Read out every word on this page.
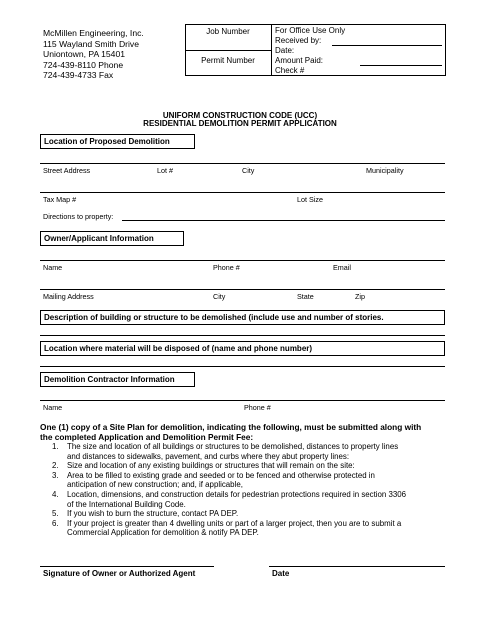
McMillen Engineering, Inc.
115 Wayland Smith Drive
Uniontown, PA 15401
724-439-8110 Phone
724-439-4733 Fax
Job Number
Permit Number
For Office Use Only
Received by:
Date:
Amount Paid:
Check #
UNIFORM CONSTRUCTION CODE (UCC)
RESIDENTIAL DEMOLITION PERMIT APPLICATION
Location of Proposed Demolition
Street Address	Lot #	City	Municipality
Tax Map #	Lot Size
Directions to property:
Owner/Applicant Information
Name	Phone #	Email
Mailing Address	City	State	Zip
Description of building or structure to be demolished (include use and number of stories.
Location where material will be disposed of (name and phone number)
Demolition Contractor Information
Name	Phone #
One (1) copy of a Site Plan for demolition, indicating the following, must be submitted along with
the completed Application and Demolition Permit Fee:
1.	The size and location of all buildings or structures to be demolished, distances to property lines
and distances to sidewalks, pavement, and curbs where they abut property lines:
2.	Size and location of any existing buildings or structures that will remain on the site:
3.	Area to be filled to existing grade and seeded or to be fenced and otherwise protected in
anticipation of new construction; and, if applicable,
4.	Location, dimensions, and construction details for pedestrian protections required in section 3306
of the International Building Code.
5.	If you wish to burn the structure, contact PA DEP.
6.	If your project is greater than 4 dwelling units or part of a larger project, then you are to submit a
Commercial Application for demolition & notify PA DEP.
Signature of Owner or Authorized Agent	Date
